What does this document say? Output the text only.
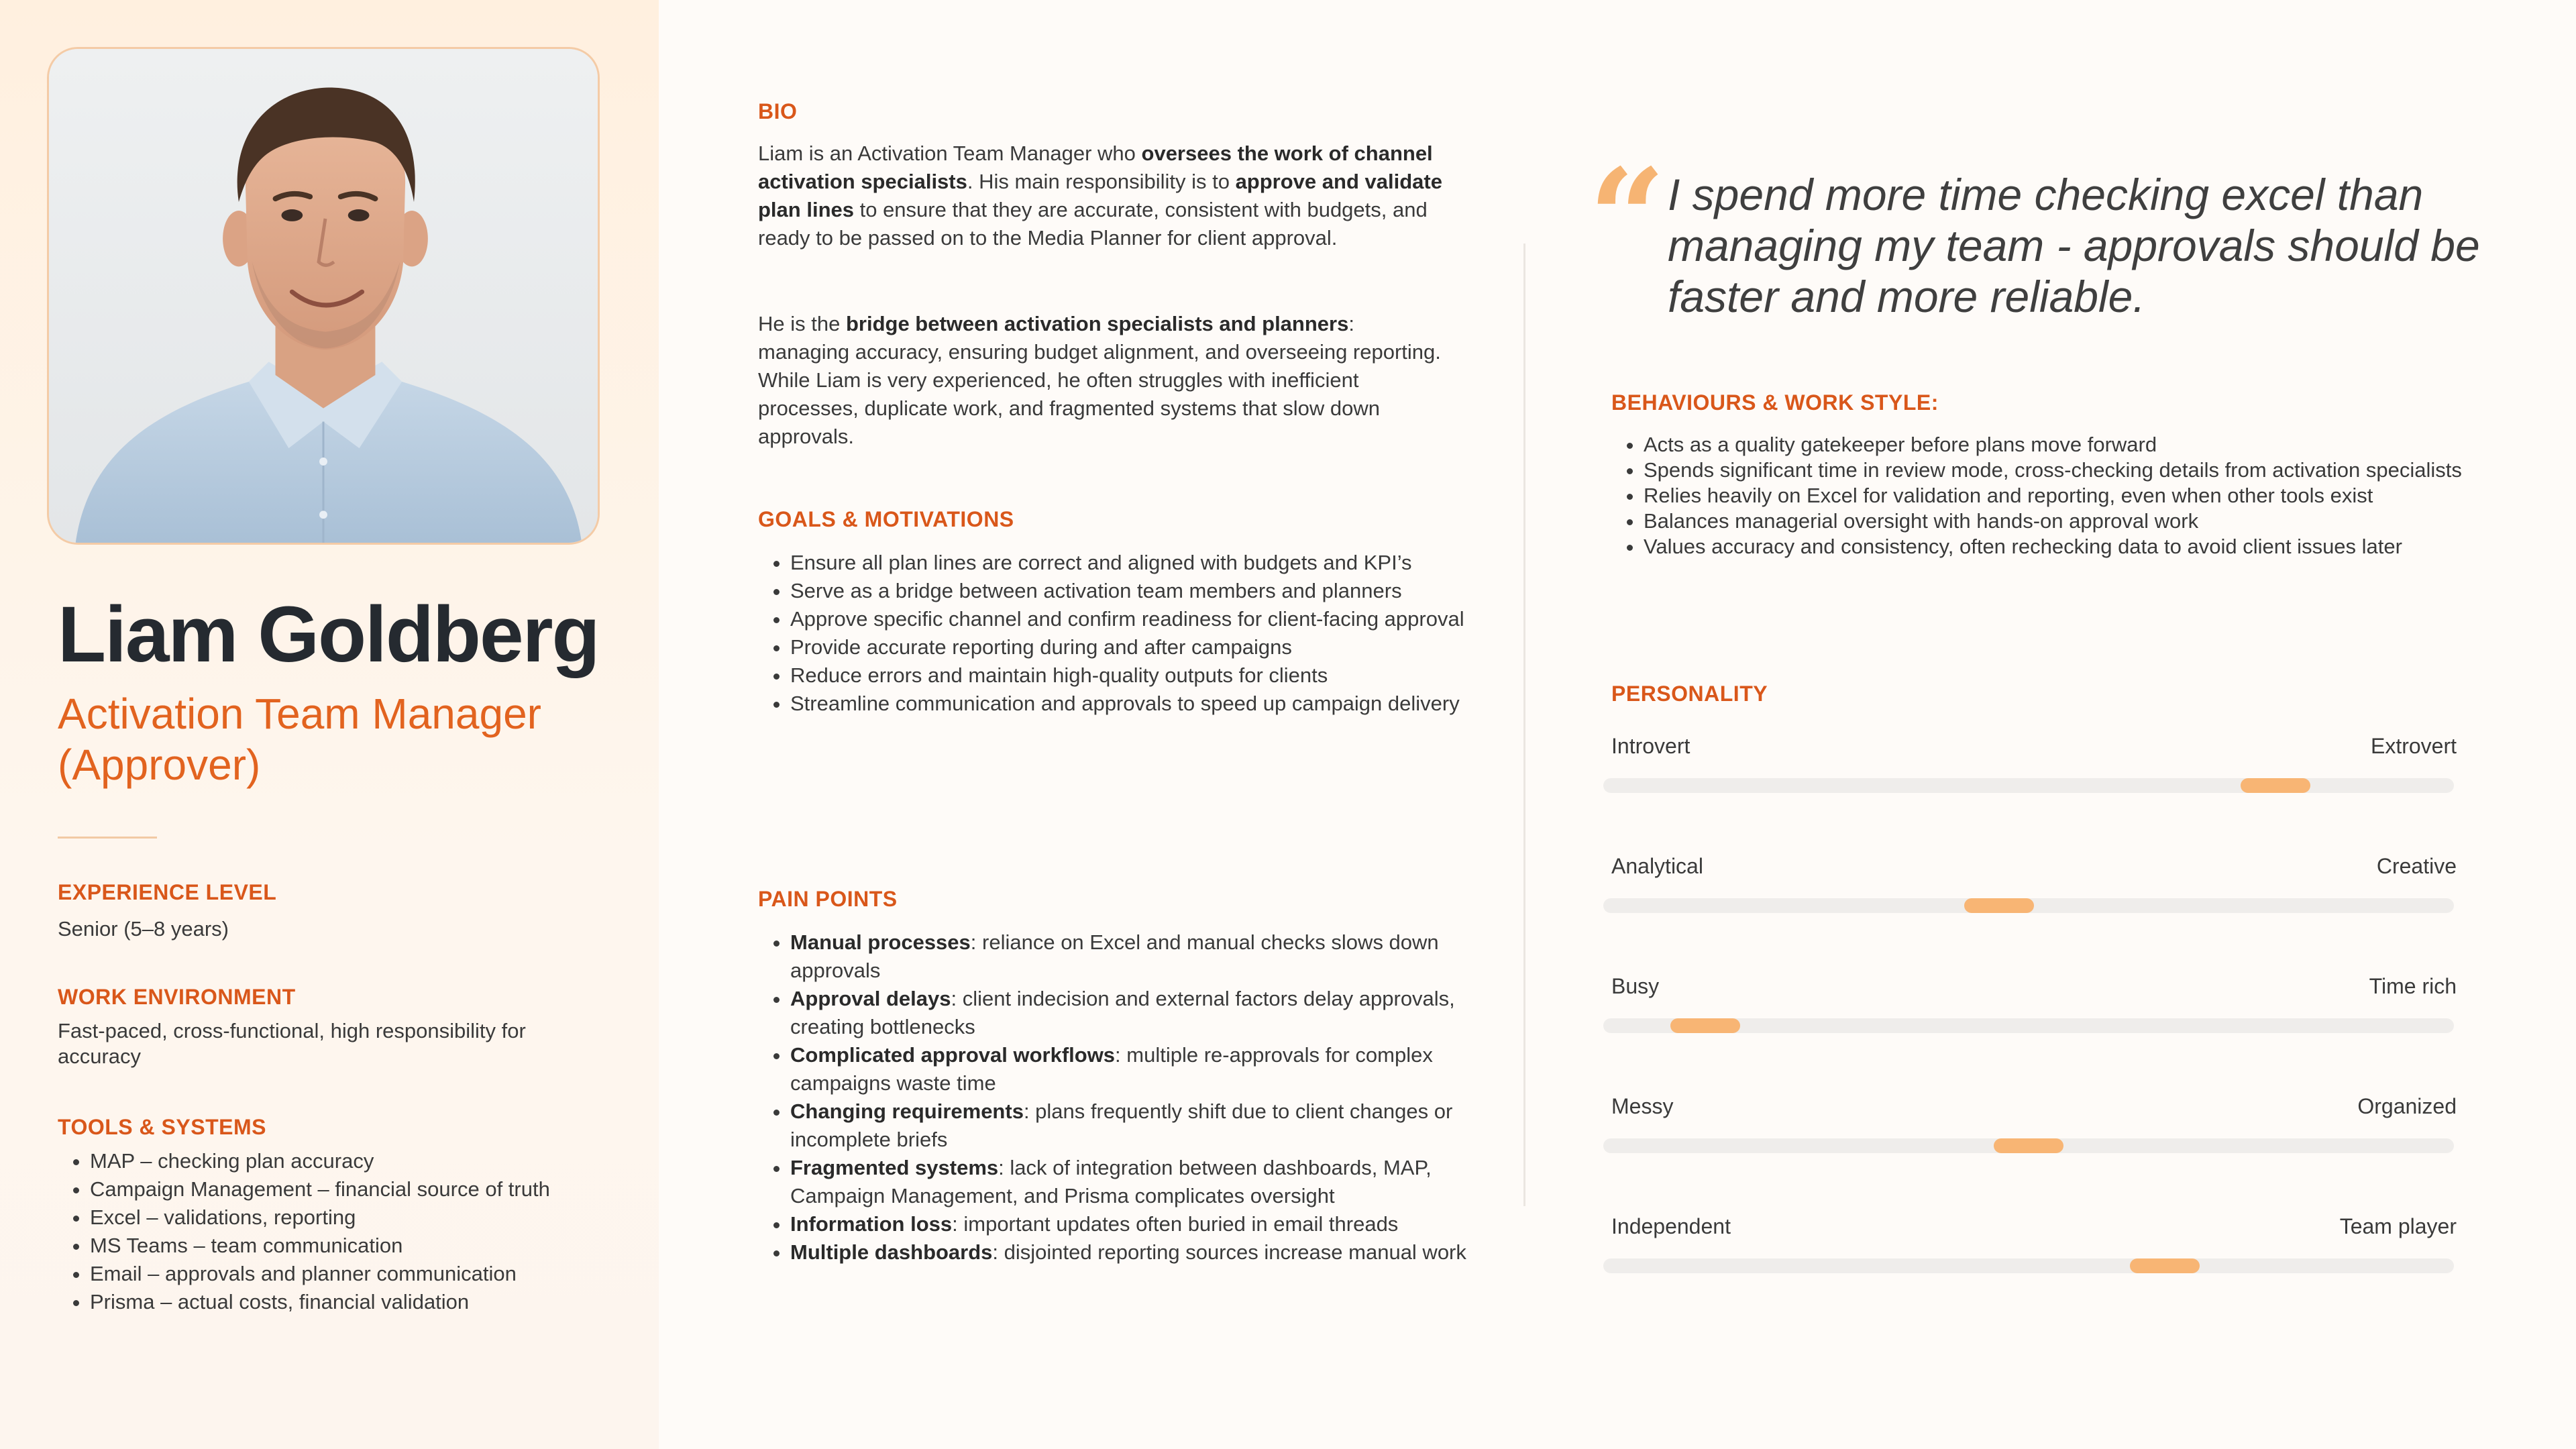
Liam Goldberg
Activation Team Manager (Approver)
EXPERIENCE LEVEL
Senior (5–8 years)
WORK ENVIRONMENT
Fast-paced, cross-functional, high responsibility for accuracy
TOOLS & SYSTEMS
• MAP – checking plan accuracy
• Campaign Management – financial source of truth
• Excel – validations, reporting
• MS Teams – team communication
• Email – approvals and planner communication
• Prisma – actual costs, financial validation
BIO
Liam is an Activation Team Manager who oversees the work of channel activation specialists. His main responsibility is to approve and validate plan lines to ensure that they are accurate, consistent with budgets, and ready to be passed on to the Media Planner for client approval.
He is the bridge between activation specialists and planners: managing accuracy, ensuring budget alignment, and overseeing reporting. While Liam is very experienced, he often struggles with inefficient processes, duplicate work, and fragmented systems that slow down approvals.
GOALS & MOTIVATIONS
• Ensure all plan lines are correct and aligned with budgets and KPI’s
• Serve as a bridge between activation team members and planners
• Approve specific channel and confirm readiness for client-facing approval
• Provide accurate reporting during and after campaigns
• Reduce errors and maintain high-quality outputs for clients
• Streamline communication and approvals to speed up campaign delivery
PAIN POINTS
• Manual processes: reliance on Excel and manual checks slows down approvals
• Approval delays: client indecision and external factors delay approvals, creating bottlenecks
• Complicated approval workflows: multiple re-approvals for complex campaigns waste time
• Changing requirements: plans frequently shift due to client changes or incomplete briefs
• Fragmented systems: lack of integration between dashboards, MAP, Campaign Management, and Prisma complicates oversight
• Information loss: important updates often buried in email threads
• Multiple dashboards: disjointed reporting sources increase manual work
“ I spend more time checking excel than managing my team - approvals should be faster and more reliable.
BEHAVIOURS & WORK STYLE:
• Acts as a quality gatekeeper before plans move forward
• Spends significant time in review mode, cross-checking details from activation specialists
• Relies heavily on Excel for validation and reporting, even when other tools exist
• Balances managerial oversight with hands-on approval work
• Values accuracy and consistency, often rechecking data to avoid client issues later
PERSONALITY
Introvert	Extrovert
Analytical	Creative
Busy	Time rich
Messy	Organized
Independent	Team player
